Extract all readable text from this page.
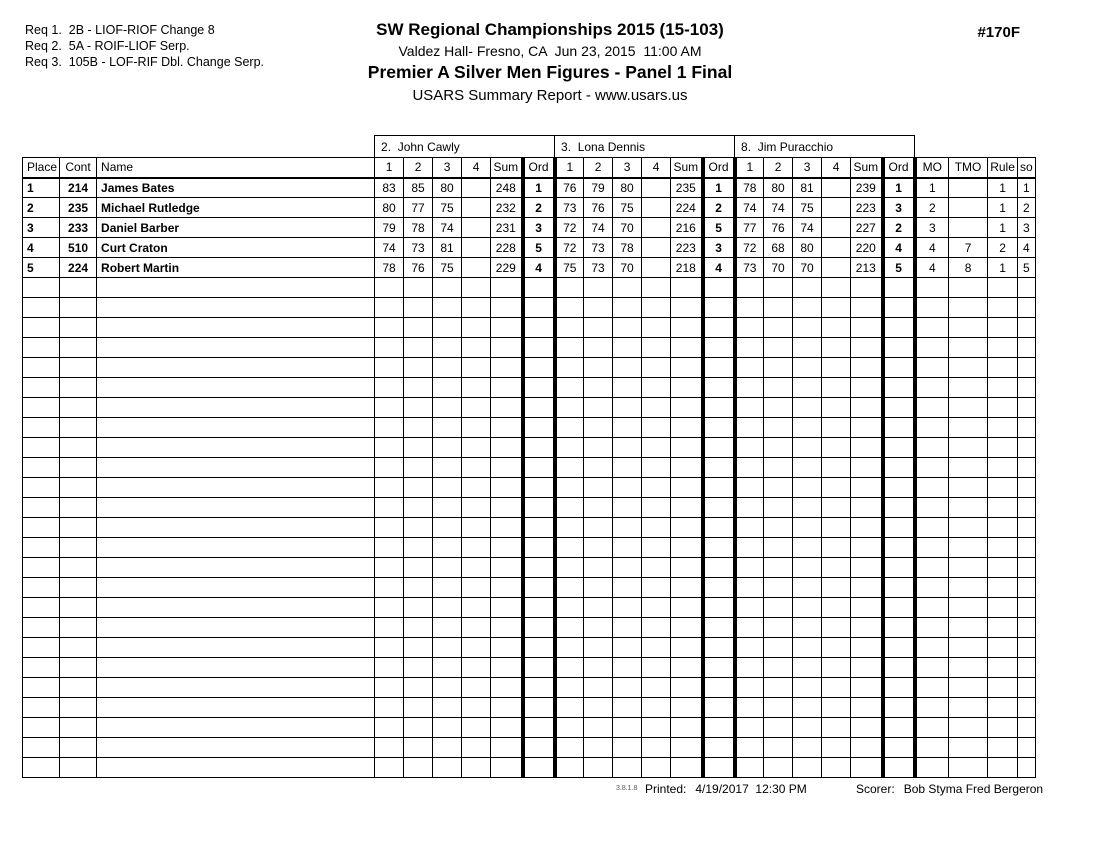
Req 1.  2B - LIOF-RIOF Change 8
Req 2.  5A - ROIF-LIOF Serp.
Req 3.  105B - LOF-RIF Dbl. Change Serp.
SW Regional Championships 2015 (15-103)
Valdez Hall- Fresno, CA  Jun 23, 2015  11:00 AM
Premier A Silver Men Figures - Panel 1 Final
USARS Summary Report - www.usars.us
#170F
			2.  John Cawly						3.  Lona Dennis						8.  Jim Puracchio									
Place	Cont	Name	1	2	3	4	Sum	Ord	1	2	3	4	Sum	Ord	1	2	3	4	Sum	Ord	MO	TMO	Rule	so
1	214	James Bates	83	85	80		248	1	76	79	80		235	1	78	80	81		239	1	1		1	1
2	235	Michael Rutledge	80	77	75		232	2	73	76	75		224	2	74	74	75		223	3	2		1	2
3	233	Daniel Barber	79	78	74		231	3	72	74	70		216	5	77	76	74		227	2	3		1	3
4	510	Curt Craton	74	73	81		228	5	72	73	78		223	3	72	68	80		220	4	4	7	2	4
5	224	Robert Martin	78	76	75		229	4	75	73	70		218	4	73	70	70		213	5	4	8	1	5

3.8.1.8 Printed: 4/19/2017  12:30 PM	Scorer: Bob Styma Fred Bergeron
